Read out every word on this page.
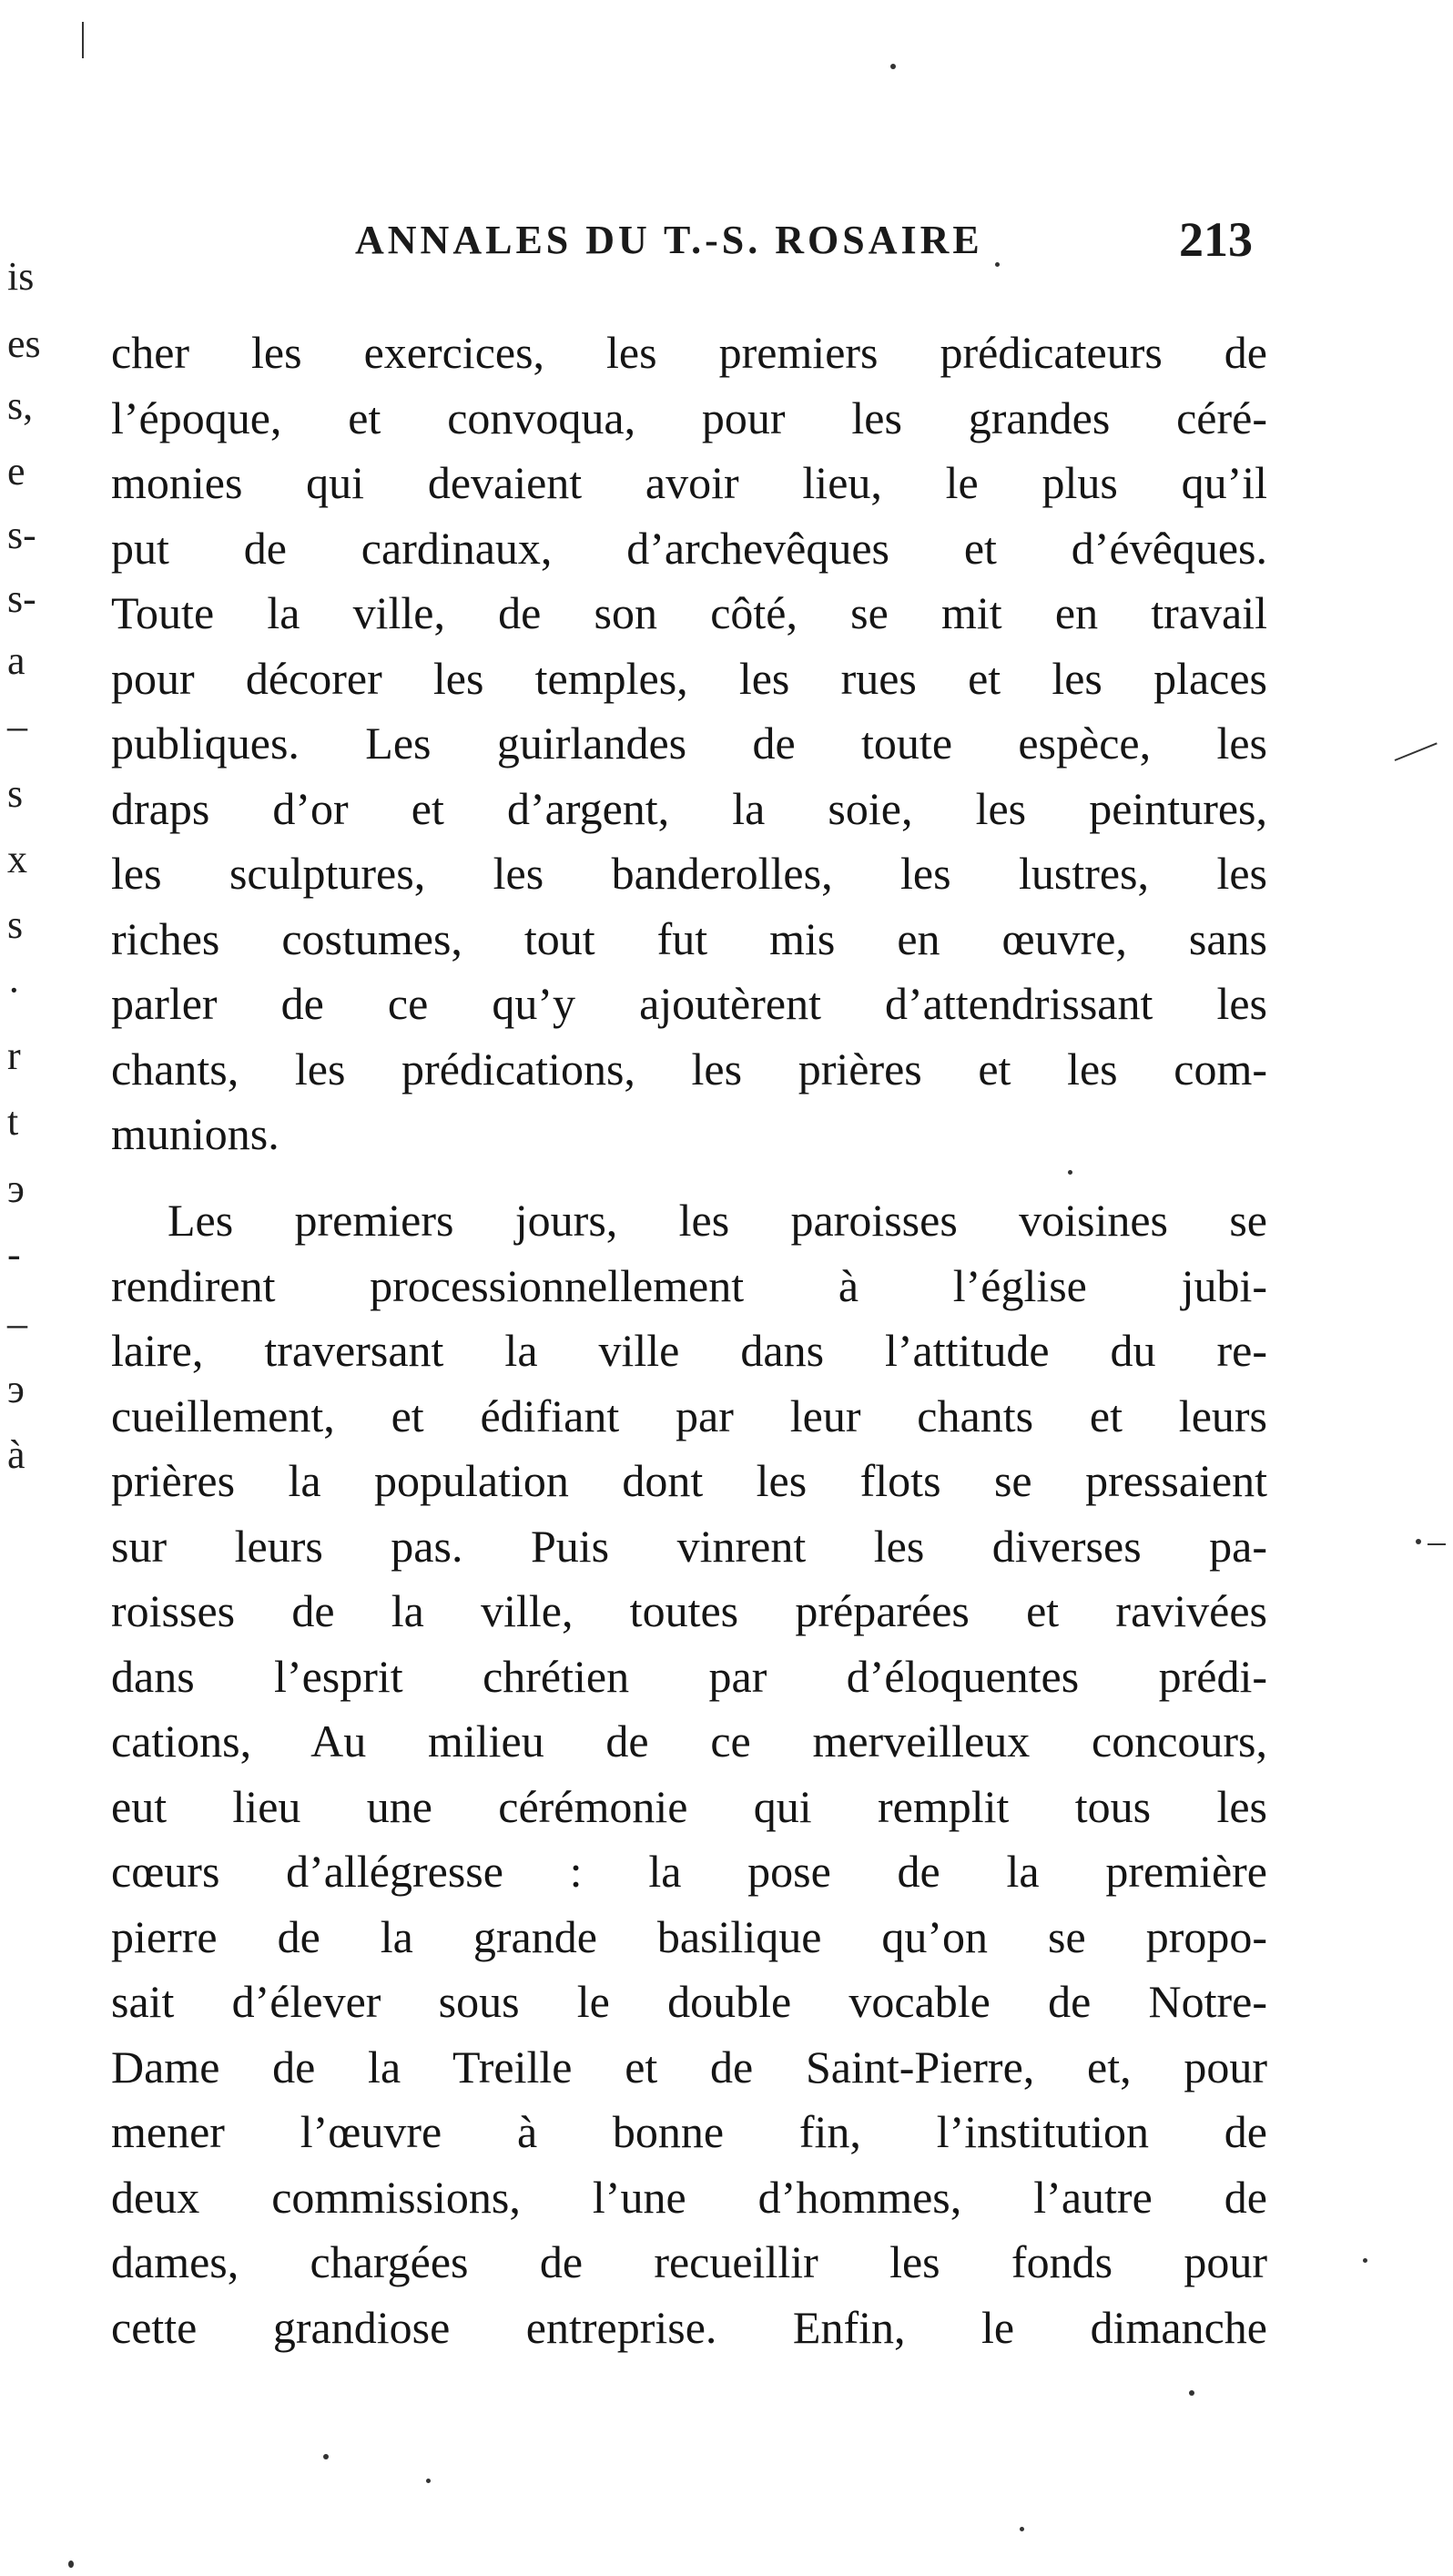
ANNALES DU T.-S. ROSAIRE	213
is
es
s,
e
s-
s-
a
–
s
x
s
·
r
t
э
-
–
э
à
cher les exercices, les premiers prédicateurs de
l’époque, et convoqua, pour les grandes céré-
monies qui devaient avoir lieu, le plus qu’il
put de cardinaux, d’archevêques et d’évêques.
Toute la ville, de son côté, se mit en travail
pour décorer les temples, les rues et les places
publiques. Les guirlandes de toute espèce, les
draps d’or et d’argent, la soie, les peintures,
les sculptures, les banderolles, les lustres, les
riches costumes, tout fut mis en œuvre, sans
parler de ce qu’y ajoutèrent d’attendrissant les
chants, les prédications, les prières et les com-
munions.
Les premiers jours, les paroisses voisines se
rendirent processionnellement à l’église jubi-
laire, traversant la ville dans l’attitude du re-
cueillement, et édifiant par leur chants et leurs
prières la population dont les flots se pressaient
sur leurs pas. Puis vinrent les diverses pa-
roisses de la ville, toutes préparées et ravivées
dans l’esprit chrétien par d’éloquentes prédi-
cations, Au milieu de ce merveilleux concours,
eut lieu une cérémonie qui remplit tous les
cœurs d’allégresse : la pose de la première
pierre de la grande basilique qu’on se propo-
sait d’élever sous le double vocable de Notre-
Dame de la Treille et de Saint-Pierre, et, pour
mener l’œuvre à bonne fin, l’institution de
deux commissions, l’une d’hommes, l’autre de
dames, chargées de recueillir les fonds pour
cette grandiose entreprise. Enfin, le dimanche
